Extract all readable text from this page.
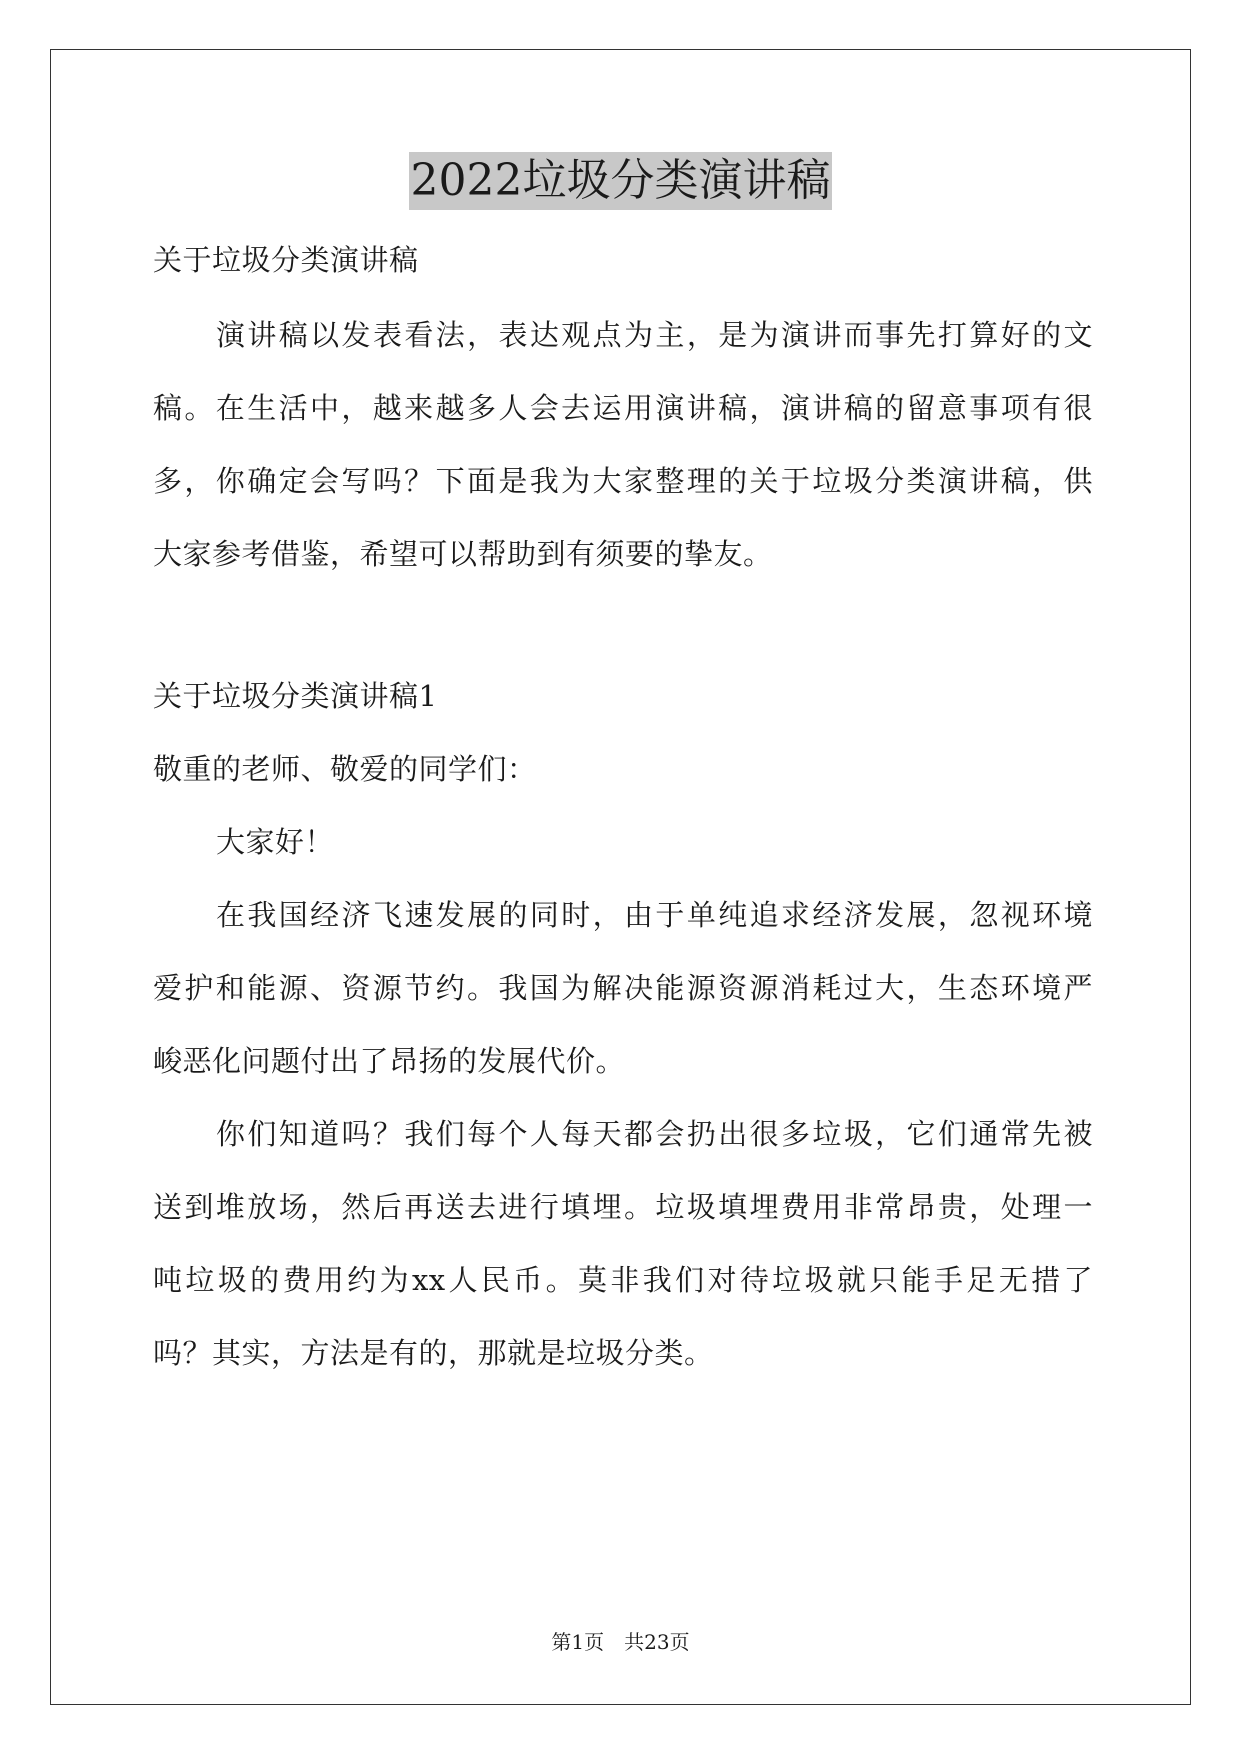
2022垃圾分类演讲稿
关于垃圾分类演讲稿
演讲稿以发表看法，表达观点为主，是为演讲而事先打算好的文
稿。在生活中，越来越多人会去运用演讲稿，演讲稿的留意事项有很
多，你确定会写吗？下面是我为大家整理的关于垃圾分类演讲稿，供
大家参考借鉴，希望可以帮助到有须要的挚友。
关于垃圾分类演讲稿1
敬重的老师、敬爱的同学们：
大家好！
在我国经济飞速发展的同时，由于单纯追求经济发展，忽视环境
爱护和能源、资源节约。我国为解决能源资源消耗过大，生态环境严
峻恶化问题付出了昂扬的发展代价。
你们知道吗？我们每个人每天都会扔出很多垃圾，它们通常先被
送到堆放场，然后再送去进行填埋。垃圾填埋费用非常昂贵，处理一
吨垃圾的费用约为xx人民币。莫非我们对待垃圾就只能手足无措了
吗？其实，方法是有的，那就是垃圾分类。
第1页　共23页
